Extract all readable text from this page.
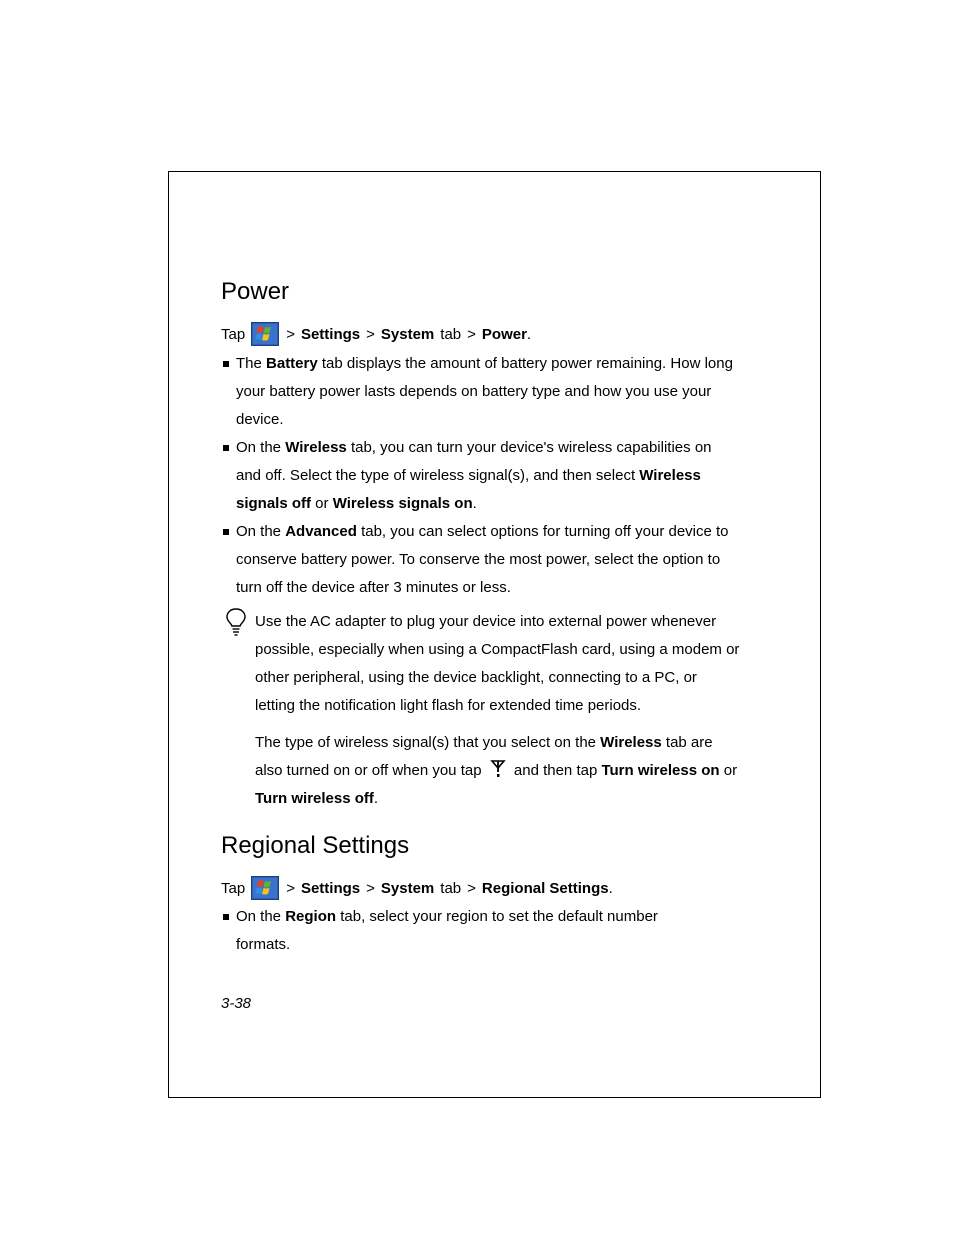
Power
Tap	> Settings > System tab > Power .
The Battery tab displays the amount of battery power remaining. How long your battery power lasts depends on battery type and how you use your device.
On the Wireless tab, you can turn your device's wireless capabilities on and off. Select the type of wireless signal(s), and then select Wireless signals off or Wireless signals on.
On the Advanced tab, you can select options for turning off your device to conserve battery power. To conserve the most power, select the option to turn off the device after 3 minutes or less.
Use the AC adapter to plug your device into external power whenever possible, especially when using a CompactFlash card, using a modem or other peripheral, using the device backlight, connecting to a PC, or letting the notification light flash for extended time periods.
The type of wireless signal(s) that you select on the Wireless tab are also turned on or off when you tap  and then tap Turn wireless on or Turn wireless off.
Regional Settings
Tap	> Settings > System tab > Regional Settings .
On the Region tab, select your region to set the default number formats.
3-38
